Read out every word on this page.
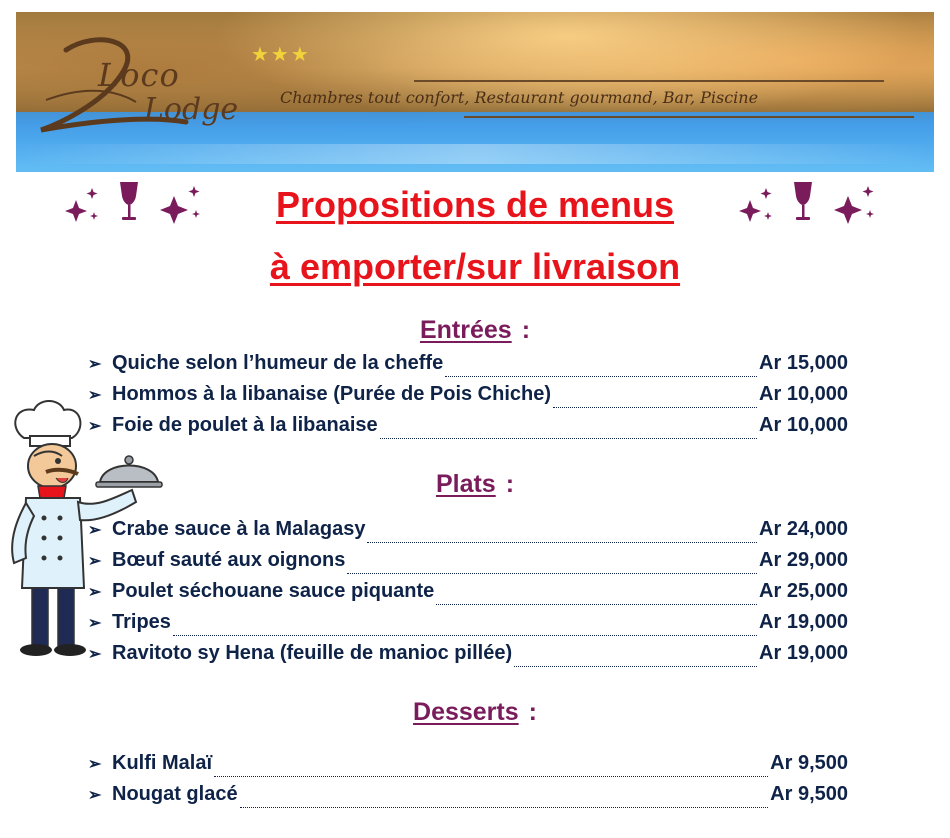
★★★
Loco
Lodge	Chambres tout confort, Restaurant gourmand, Bar, Piscine
Propositions de menus
à emporter/sur livraison
Entrées :
➢ Quiche selon l’humeur de la cheffe	Ar 15,000
➢ Hommos à la libanaise (Purée de Pois Chiche)	Ar 10,000
➢ Foie de poulet à la libanaise	Ar 10,000
Plats :
➢ Crabe sauce à la Malagasy	Ar 24,000
➢ Bœuf sauté aux oignons	Ar 29,000
➢ Poulet séchouane sauce piquante	Ar 25,000
➢ Tripes	Ar 19,000
➢ Ravitoto sy Hena (feuille de manioc pillée)	Ar 19,000
Desserts :
➢ Kulfi Malaï	Ar 9,500
➢ Nougat glacé	Ar 9,500
